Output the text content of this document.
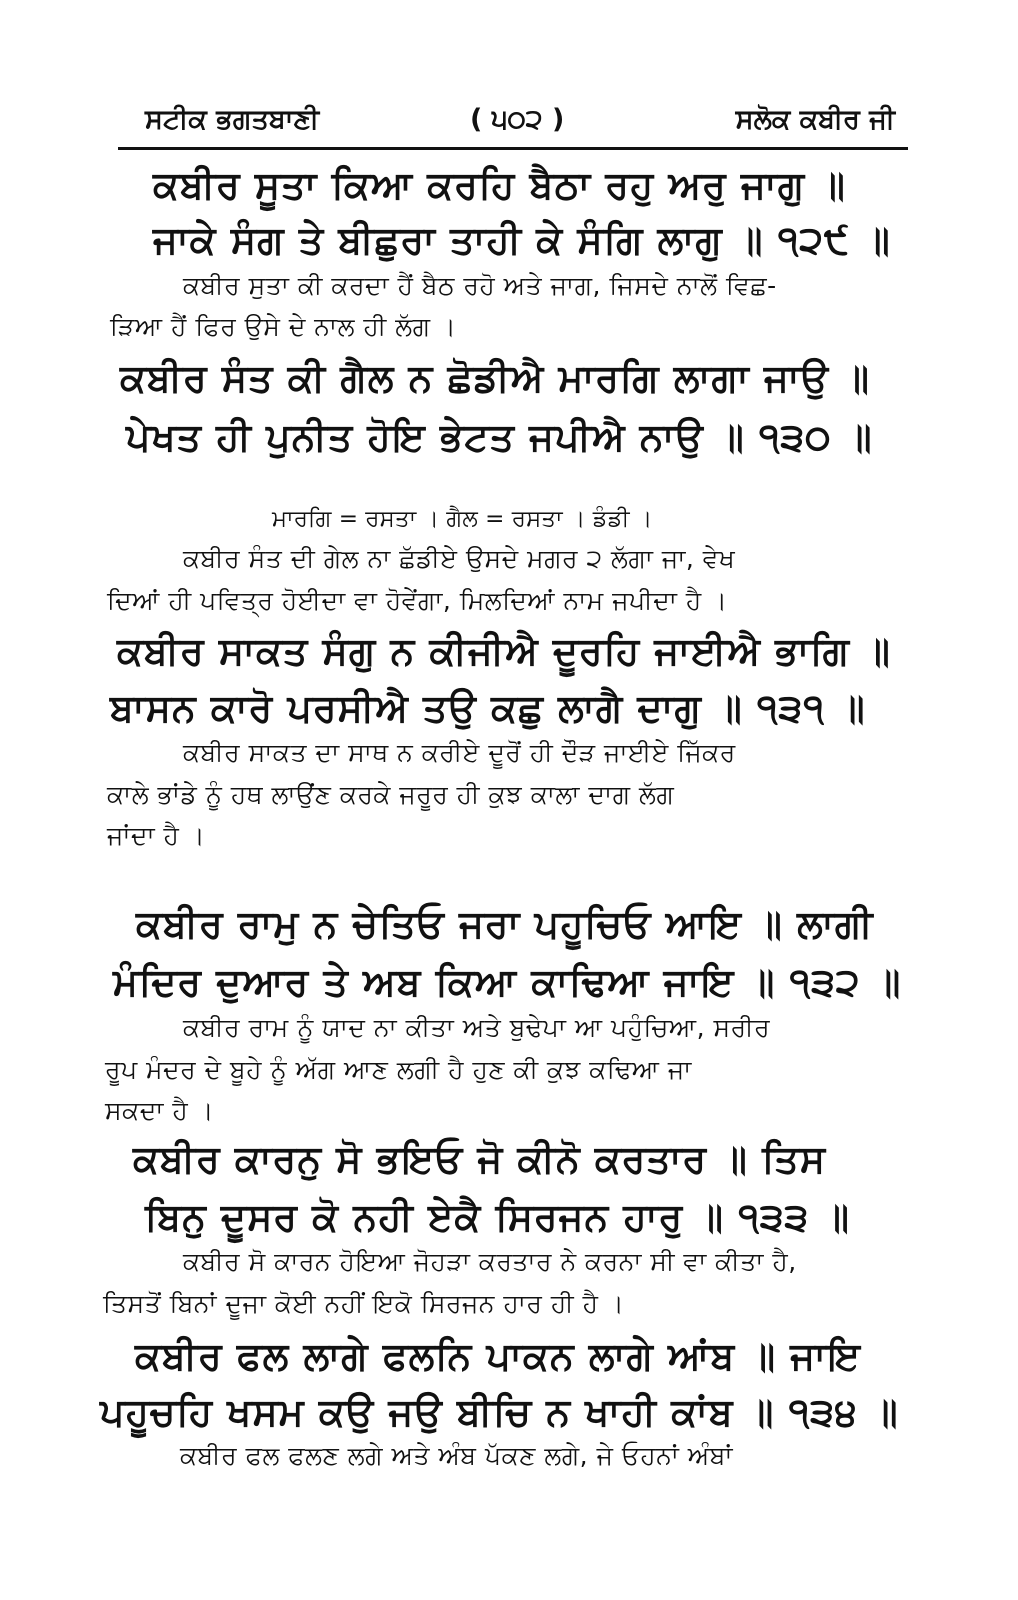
ਸਟੀਕ ਭਗਤਬਾਣੀ	( ੫੦੨ )	ਸਲੋਕ ਕਬੀਰ ਜੀ
ਕਬੀਰ ਸੂਤਾ ਕਿਆ ਕਰਹਿ ਬੈਠਾ ਰਹੁ ਅਰੁ ਜਾਗੁ ॥
ਜਾਕੇ ਸੰਗ ਤੇ ਬੀਛੁਰਾ ਤਾਹੀ ਕੇ ਸੰਗਿ ਲਾਗੁ ॥ ੧੨੯ ॥
ਕਬੀਰ ਸੁਤਾ ਕੀ ਕਰਦਾ ਹੈਂ ਬੈਠ ਰਹੋ ਅਤੇ ਜਾਗ, ਜਿਸਦੇ ਨਾਲੋਂ ਵਿਛ-
ੜਿਆ ਹੈਂ ਫਿਰ ਉਸੇ ਦੇ ਨਾਲ ਹੀ ਲੱਗ ।
ਕਬੀਰ ਸੰਤ ਕੀ ਗੈਲ ਨ ਛੋਡੀਐ ਮਾਰਗਿ ਲਾਗਾ ਜਾਉ ॥
ਪੇਖਤ ਹੀ ਪੁਨੀਤ ਹੋਇ ਭੇਟਤ ਜਪੀਐ ਨਾਉ ॥ ੧੩੦ ॥
ਮਾਰਗਿ = ਰਸਤਾ । ਗੈਲ = ਰਸਤਾ । ਡੰਡੀ ।
ਕਬੀਰ ਸੰਤ ਦੀ ਗੇਲ ਨਾ ਛੱਡੀਏ ਉਸਦੇ ਮਗਰ ੨ ਲੱਗਾ ਜਾ, ਵੇਖ
ਦਿਆਂ ਹੀ ਪਵਿਤ੍ਰ ਹੋਈਦਾ ਵਾ ਹੋਵੇਂਗਾ, ਮਿਲਦਿਆਂ ਨਾਮ ਜਪੀਦਾ ਹੈ ।
ਕਬੀਰ ਸਾਕਤ ਸੰਗੁ ਨ ਕੀਜੀਐ ਦੂਰਹਿ ਜਾਈਐ ਭਾਗਿ ॥
ਬਾਸਨ ਕਾਰੋ ਪਰਸੀਐ ਤਉ ਕਛੁ ਲਾਗੈ ਦਾਗੁ ॥ ੧੩੧ ॥
ਕਬੀਰ ਸਾਕਤ ਦਾ ਸਾਥ ਨ ਕਰੀਏ ਦੂਰੋਂ ਹੀ ਦੌੜ ਜਾਈਏ ਜਿੱਕਰ
ਕਾਲੇ ਭਾਂਡੇ ਨੂੰ ਹਥ ਲਾਉਂਣ ਕਰਕੇ ਜਰੂਰ ਹੀ ਕੁਝ ਕਾਲਾ ਦਾਗ ਲੱਗ
ਜਾਂਦਾ ਹੈ ।
ਕਬੀਰ ਰਾਮੁ ਨ ਚੇਤਿਓ ਜਰਾ ਪਹੂਚਿਓ ਆਇ ॥ ਲਾਗੀ
ਮੰਦਿਰ ਦੁਆਰ ਤੇ ਅਬ ਕਿਆ ਕਾਢਿਆ ਜਾਇ ॥ ੧੩੨ ॥
ਕਬੀਰ ਰਾਮ ਨੂੰ ਯਾਦ ਨਾ ਕੀਤਾ ਅਤੇ ਬੁਢੇਪਾ ਆ ਪਹੁੰਚਿਆ, ਸਰੀਰ
ਰੂਪ ਮੰਦਰ ਦੇ ਬੂਹੇ ਨੂੰ ਅੱਗ ਆਣ ਲਗੀ ਹੈ ਹੁਣ ਕੀ ਕੁਝ ਕਢਿਆ ਜਾ
ਸਕਦਾ ਹੈ ।
ਕਬੀਰ ਕਾਰਨੁ ਸੋ ਭਇਓ ਜੋ ਕੀਨੋ ਕਰਤਾਰ ॥ ਤਿਸ
ਬਿਨੁ ਦੂਸਰ ਕੋ ਨਹੀ ਏਕੈ ਸਿਰਜਨ ਹਾਰੁ ॥ ੧੩੩ ॥
ਕਬੀਰ ਸੋ ਕਾਰਨ ਹੋਇਆ ਜੋਹੜਾ ਕਰਤਾਰ ਨੇ ਕਰਨਾ ਸੀ ਵਾ ਕੀਤਾ ਹੈ,
ਤਿਸਤੋਂ ਬਿਨਾਂ ਦੂਜਾ ਕੋਈ ਨਹੀਂ ਇਕੋ ਸਿਰਜਨ ਹਾਰ ਹੀ ਹੈ ।
ਕਬੀਰ ਫਲ ਲਾਗੇ ਫਲਨਿ ਪਾਕਨ ਲਾਗੇ ਆਂਬ ॥ ਜਾਇ
ਪਹੂਚਹਿ ਖਸਮ ਕਉ ਜਉ ਬੀਚਿ ਨ ਖਾਹੀ ਕਾਂਬ ॥ ੧੩੪ ॥
ਕਬੀਰ ਫਲ ਫਲਣ ਲਗੇ ਅਤੇ ਅੰਬ ਪੱਕਣ ਲਗੇ, ਜੇ ਓਹਨਾਂ ਅੰਬਾਂ
